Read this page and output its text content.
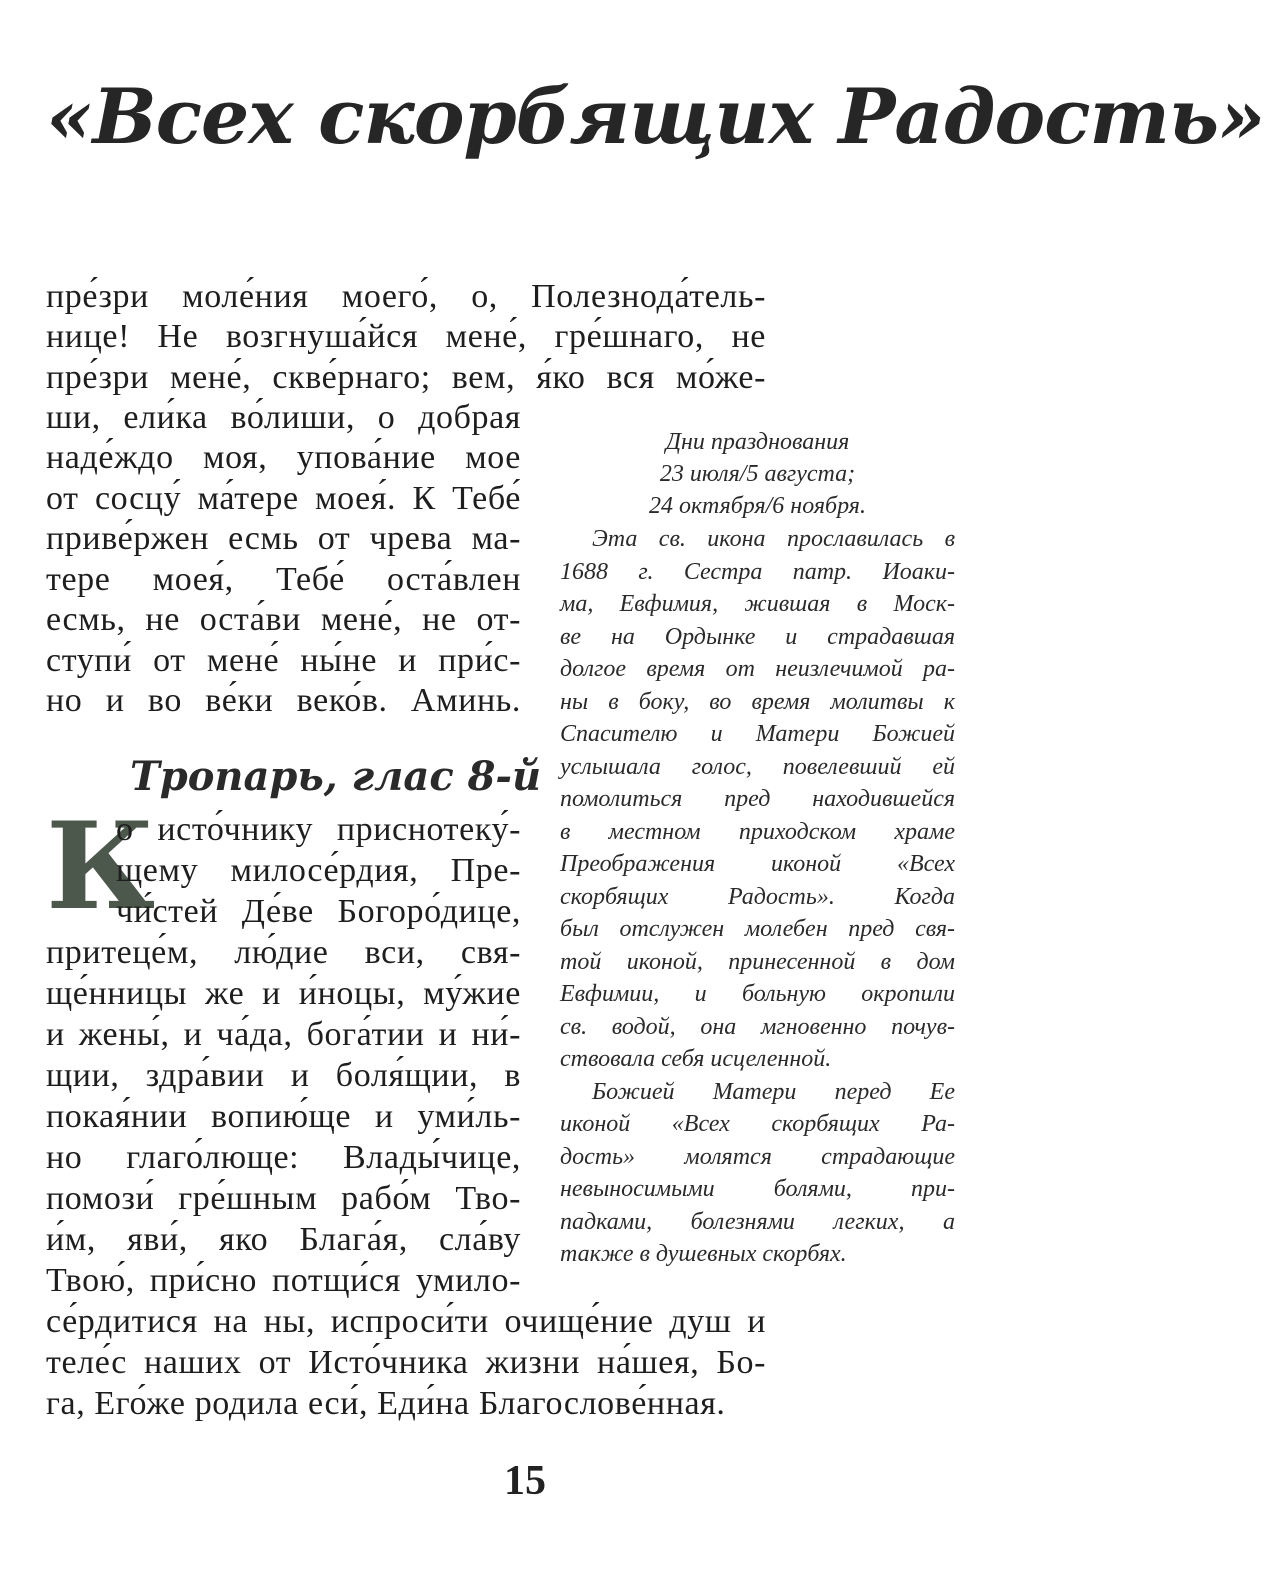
«Всех скорбящих Радость»

пре́зри моле́ния моего́, о, Полезнода́тель-

нице! Не возгнуша́йся мене́, гре́шнаго, не

пре́зри мене́, скве́рнаго; вем, я́ко вся мо́же-

ши, ели́ка во́лиши, о добрая

наде́ждо моя, упова́ние мое

от сосцу́ ма́тере моея́. К Тебе́

приве́ржен есмь от чрева ма-

тере моея́, Тебе́ оста́влен

есмь, не оста́ви мене́, не от-

ступи́ от мене́ ны́не и при́с-

но и во ве́ки веко́в. Аминь.

Тропарь, глас 8-й
К

о исто́чнику приснотеку́-

щему милосе́рдия, Пре-

чи́стей Де́ве Богоро́дице,

притеце́м, лю́дие вси, свя-

ще́нницы же и и́ноцы, му́жие

и жены́, и ча́да, бога́тии и ни́-

щии, здра́вии и боля́щии, в

покая́нии вопию́ще и уми́ль-

но глаго́люще: Влады́чице,

помози́ гре́шным рабо́м Тво-

и́м, яви́, яко Блага́я, сла́ву

Твою́, при́сно потщи́ся умило-

се́рдитися на ны, испроси́ти очище́ние душ и

теле́с наших от Исто́чника жизни на́шея, Бо-

га, Его́же родила еси́, Еди́на Благослове́нная.

Дни празднования

23 июля/5 августа;

24 октября/6 ноября.

Эта св. икона прославилась в

1688 г. Сестра патр. Иоаки-

ма, Евфимия, жившая в Моск-

ве на Ордынке и страдавшая

долгое время от неизлечимой ра-

ны в боку, во время молитвы к

Спасителю и Матери Божией

услышала голос, повелевший ей

помолиться пред находившейся

в местном приходском храме

Преображения иконой «Всех

скорбящих Радость». Когда

был отслужен молебен пред свя-

той иконой, принесенной в дом

Евфимии, и больную окропили

св. водой, она мгновенно почув-

ствовала себя исцеленной.

Божией Матери перед Ее

иконой «Всех скорбящих Ра-

дость» молятся страдающие

невыносимыми болями, при-

падками, болезнями легких, а

также в душевных скорбях.

15
